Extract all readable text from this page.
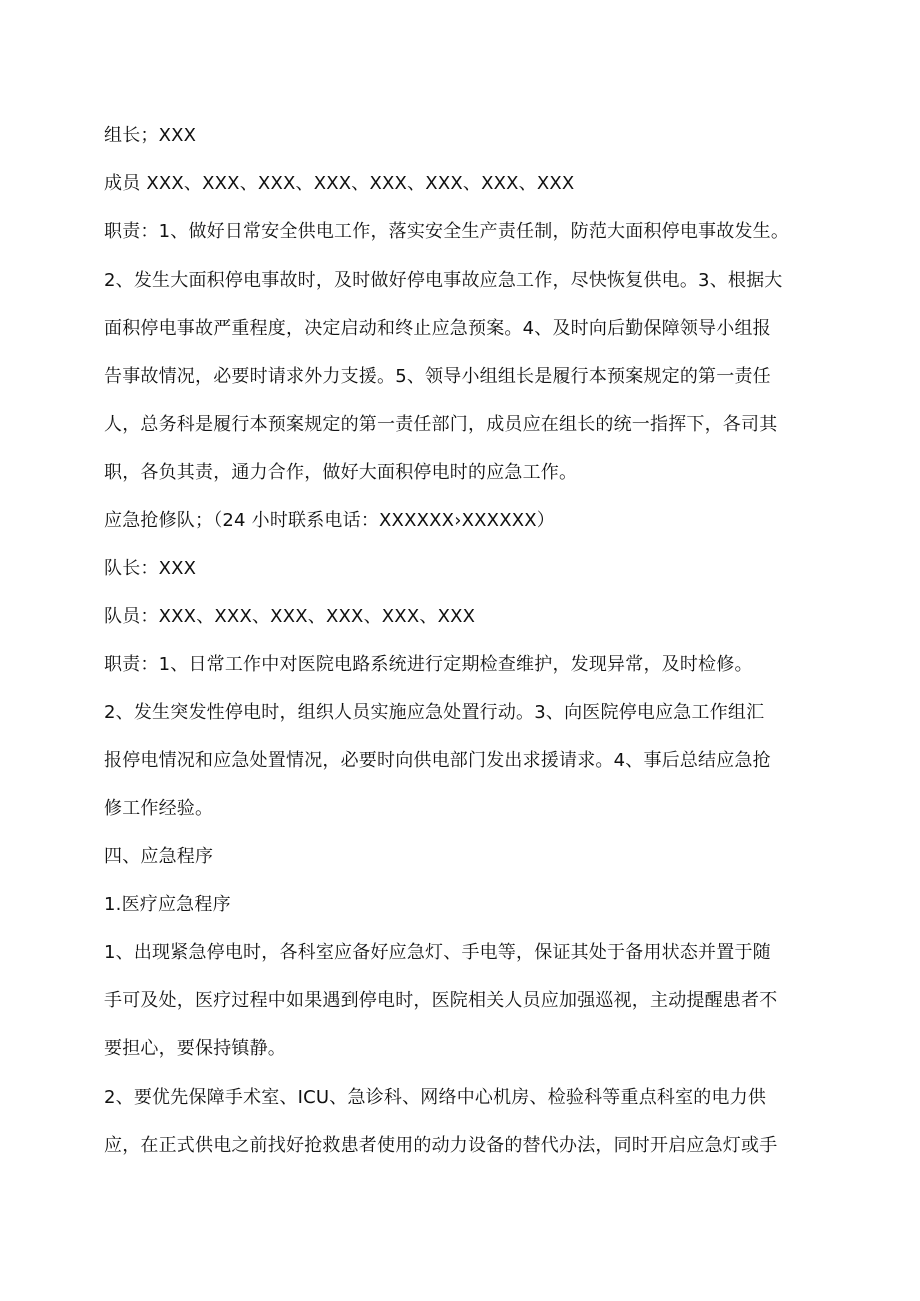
组长；XXX
成员 XXX、XXX、XXX、XXX、XXX、XXX、XXX、XXX
职责：1、做好日常安全供电工作，落实安全生产责任制，防范大面积停电事故发生。
2、发生大面积停电事故时，及时做好停电事故应急工作，尽快恢复供电。3、根据大
面积停电事故严重程度，决定启动和终止应急预案。4、及时向后勤保障领导小组报
告事故情况，必要时请求外力支援。5、领导小组组长是履行本预案规定的第一责任
人，总务科是履行本预案规定的第一责任部门，成员应在组长的统一指挥下，各司其
职，各负其责，通力合作，做好大面积停电时的应急工作。
应急抢修队；（24 小时联系电话：XXXXXX›XXXXXX）
队长：XXX
队员：XXX、XXX、XXX、XXX、XXX、XXX
职责：1、日常工作中对医院电路系统进行定期检查维护，发现异常，及时检修。
2、发生突发性停电时，组织人员实施应急处置行动。3、向医院停电应急工作组汇
报停电情况和应急处置情况，必要时向供电部门发出求援请求。4、事后总结应急抢
修工作经验。
四、应急程序
1.医疗应急程序
1、出现紧急停电时，各科室应备好应急灯、手电等，保证其处于备用状态并置于随
手可及处，医疗过程中如果遇到停电时，医院相关人员应加强巡视，主动提醒患者不
要担心，要保持镇静。
2、要优先保障手术室、ICU、急诊科、网络中心机房、检验科等重点科室的电力供
应，在正式供电之前找好抢救患者使用的动力设备的替代办法，同时开启应急灯或手
